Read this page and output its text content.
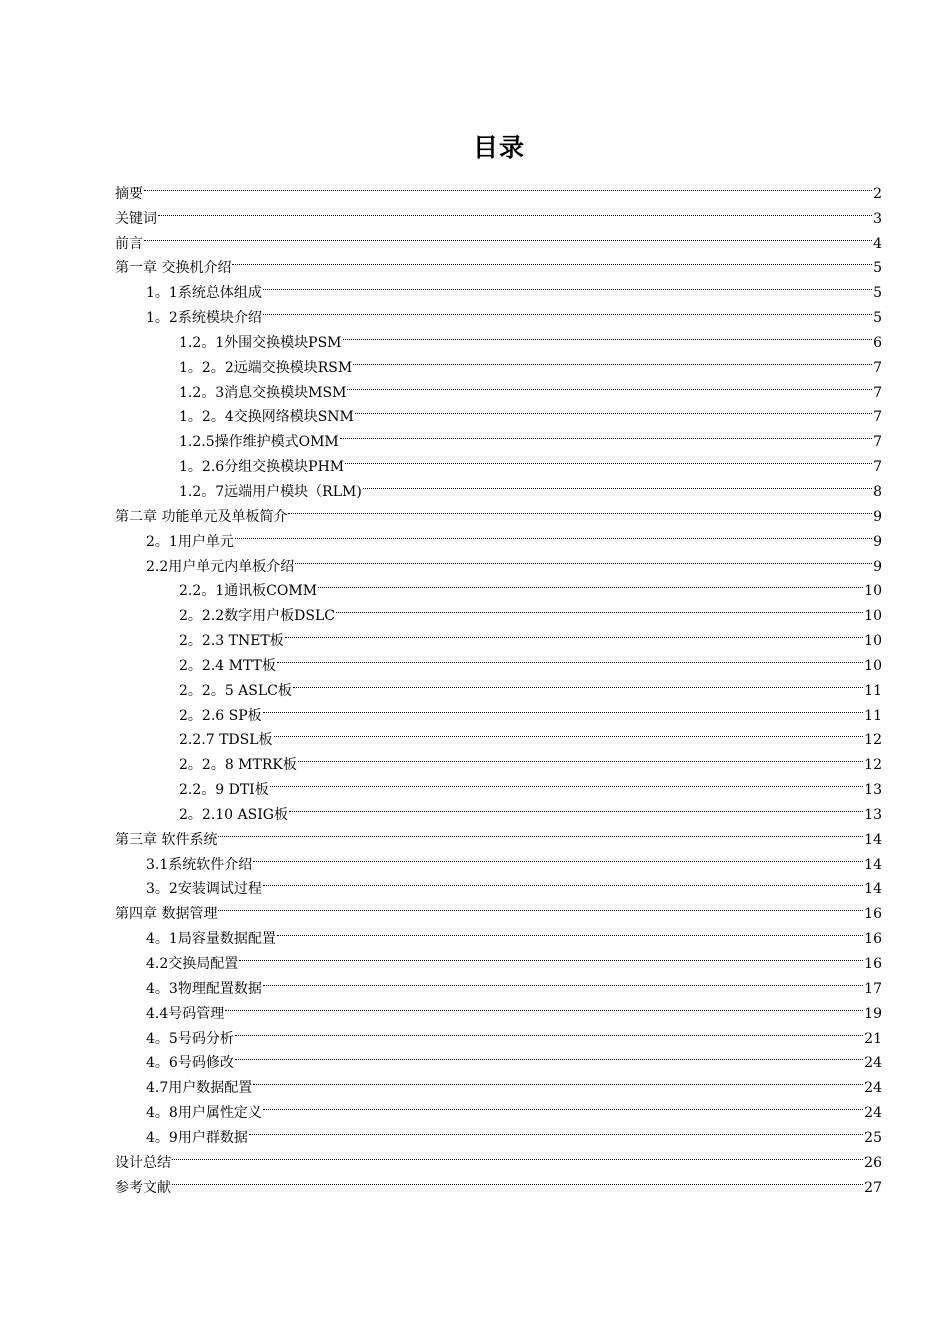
目录
摘要	2
关键词	3
前言	4
第一章 交换机介绍	5
1。1系统总体组成	5
1。2系统模块介绍	5
1.2。1外围交换模块PSM	6
1。2。2远端交换模块RSM	7
1.2。3消息交换模块MSM	7
1。2。4交换网络模块SNM	7
1.2.5操作维护模式OMM	7
1。2.6分组交换模块PHM	7
1.2。7远端用户模块（RLM)	8
第二章 功能单元及单板简介	9
2。1用户单元	9
2.2用户单元内单板介绍	9
2.2。1通讯板COMM	10
2。2.2数字用户板DSLC	10
2。2.3 TNET板	10
2。2.4 MTT板	10
2。2。5 ASLC板	11
2。2.6 SP板	11
2.2.7 TDSL板	12
2。2。8 MTRK板	12
2.2。9 DTI板	13
2。2.10 ASIG板	13
第三章 软件系统	14
3.1系统软件介绍	14
3。2安装调试过程	14
第四章 数据管理	16
4。1局容量数据配置	16
4.2交换局配置	16
4。3物理配置数据	17
4.4号码管理	19
4。5号码分析	21
4。6号码修改	24
4.7用户数据配置	24
4。8用户属性定义	24
4。9用户群数据	25
设计总结	26
参考文献	27
